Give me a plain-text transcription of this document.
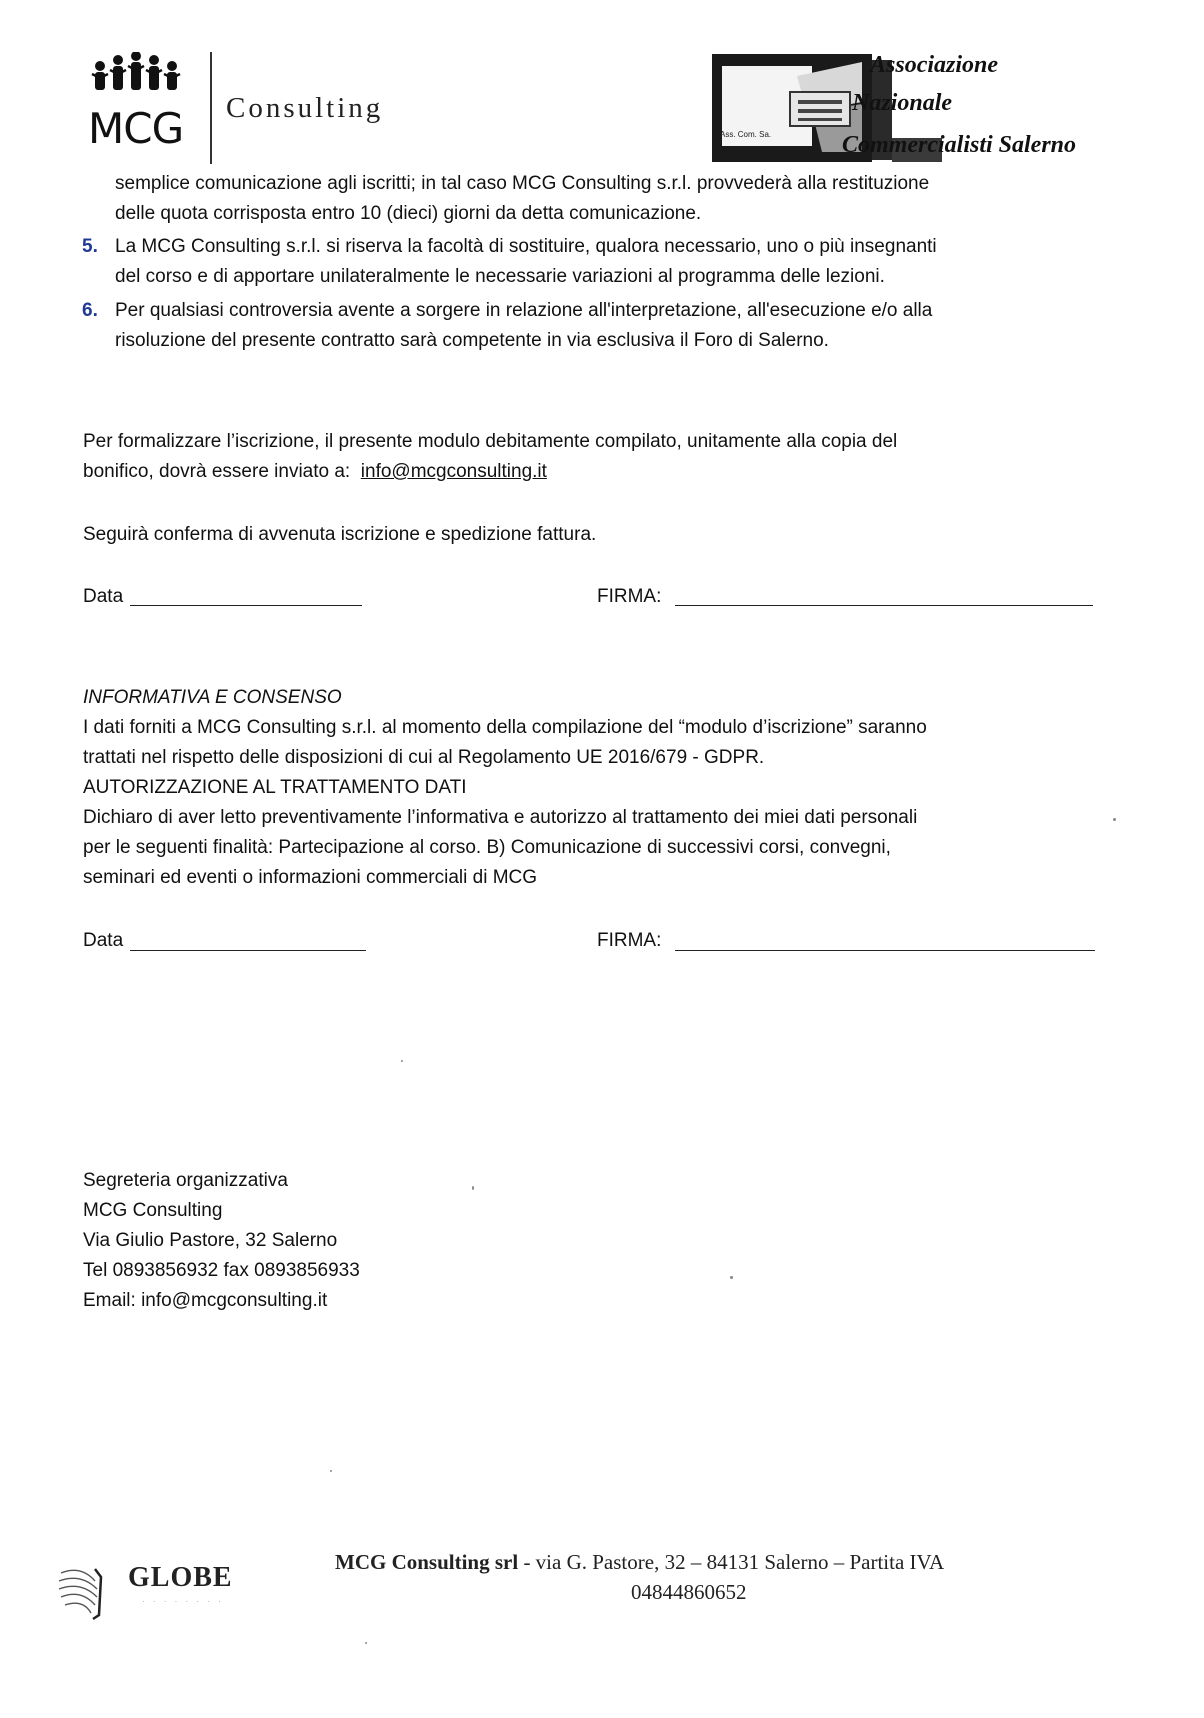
MCG Consulting
Ass. Com. Sa.
Associazione
Nazionale
Commercialisti Salerno
semplice comunicazione agli iscritti; in tal caso MCG Consulting s.r.l. provvederà alla restituzione
delle quota corrisposta entro 10 (dieci) giorni da detta comunicazione.
5. La MCG Consulting s.r.l. si riserva la facoltà di sostituire, qualora necessario, uno o più insegnanti
del corso e di apportare unilateralmente le necessarie variazioni al programma delle lezioni.
6. Per qualsiasi controversia avente a sorgere in relazione all'interpretazione, all'esecuzione e/o alla
risoluzione del presente contratto sarà competente in via esclusiva il Foro di Salerno.
Per formalizzare l’iscrizione, il presente modulo debitamente compilato, unitamente alla copia del
bonifico, dovrà essere inviato a: info@mcgconsulting.it
Seguirà conferma di avvenuta iscrizione e spedizione fattura.
Data	FIRMA:
INFORMATIVA E CONSENSO
I dati forniti a MCG Consulting s.r.l. al momento della compilazione del “modulo d’iscrizione” saranno
trattati nel rispetto delle disposizioni di cui al Regolamento UE 2016/679 - GDPR.
AUTORIZZAZIONE AL TRATTAMENTO DATI
Dichiaro di aver letto preventivamente l’informativa e autorizzo al trattamento dei miei dati personali
per le seguenti finalità: Partecipazione al corso. B) Comunicazione di successivi corsi, convegni,
seminari ed eventi o informazioni commerciali di MCG
Data	FIRMA:
Segreteria organizzativa
MCG Consulting
Via Giulio Pastore, 32 Salerno
Tel 0893856932 fax 0893856933
Email: info@mcgconsulting.it
GLOBE
· · · · · · · ·
MCG Consulting srl - via G. Pastore, 32 – 84131 Salerno – Partita IVA
04844860652
